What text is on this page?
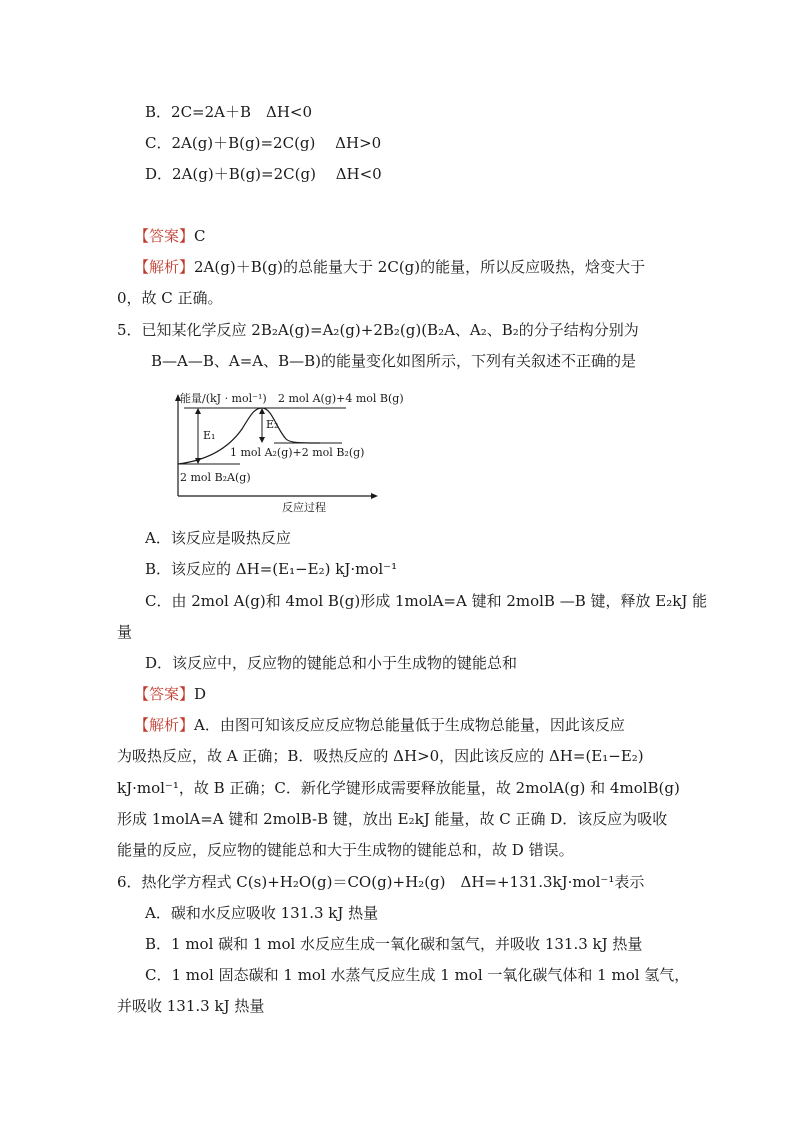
B．2C=2A＋B　ΔH<0
C．2A(g)＋B(g)=2C(g)　 ΔH>0
D．2A(g)＋B(g)=2C(g)　 ΔH<0
【答案】C
【解析】2A(g)＋B(g)的总能量大于 2C(g)的能量，所以反应吸热，焓变大于
0，故 C 正确。
5．已知某化学反应 2B₂A(g)=A₂(g)+2B₂(g)(B₂A、A₂、B₂的分子结构分别为
B—A—B、A=A、B—B)的能量变化如图所示，下列有关叙述不正确的是
能量/(kJ · mol⁻¹) 2 mol A(g)+4 mol B(g)
E₁
E₂
1 mol A₂(g)+2 mol B₂(g)
2 mol B₂A(g)
反应过程
A．该反应是吸热反应
B．该反应的 ΔH=(E₁−E₂) kJ·mol⁻¹
C．由 2mol A(g)和 4mol B(g)形成 1molA=A 键和 2molB —B 键，释放 E₂kJ 能
量
D．该反应中，反应物的键能总和小于生成物的键能总和
【答案】D
【解析】A．由图可知该反应反应物总能量低于生成物总能量，因此该反应
为吸热反应，故 A 正确；B．吸热反应的 ΔH>0，因此该反应的 ΔH=(E₁−E₂)
kJ·mol⁻¹，故 B 正确；C．新化学键形成需要释放能量，故 2molA(g) 和 4molB(g)
形成 1molA=A 键和 2molB-B 键，放出 E₂kJ 能量，故 C 正确 D．该反应为吸收
能量的反应，反应物的键能总和大于生成物的键能总和，故 D 错误。
6．热化学方程式 C(s)+H₂O(g)＝CO(g)+H₂(g)　ΔH=+131.3kJ·mol⁻¹表示
A．碳和水反应吸收 131.3 kJ 热量
B．1 mol 碳和 1 mol 水反应生成一氧化碳和氢气，并吸收 131.3 kJ 热量
C．1 mol 固态碳和 1 mol 水蒸气反应生成 1 mol 一氧化碳气体和 1 mol 氢气，
并吸收 131.3 kJ 热量
